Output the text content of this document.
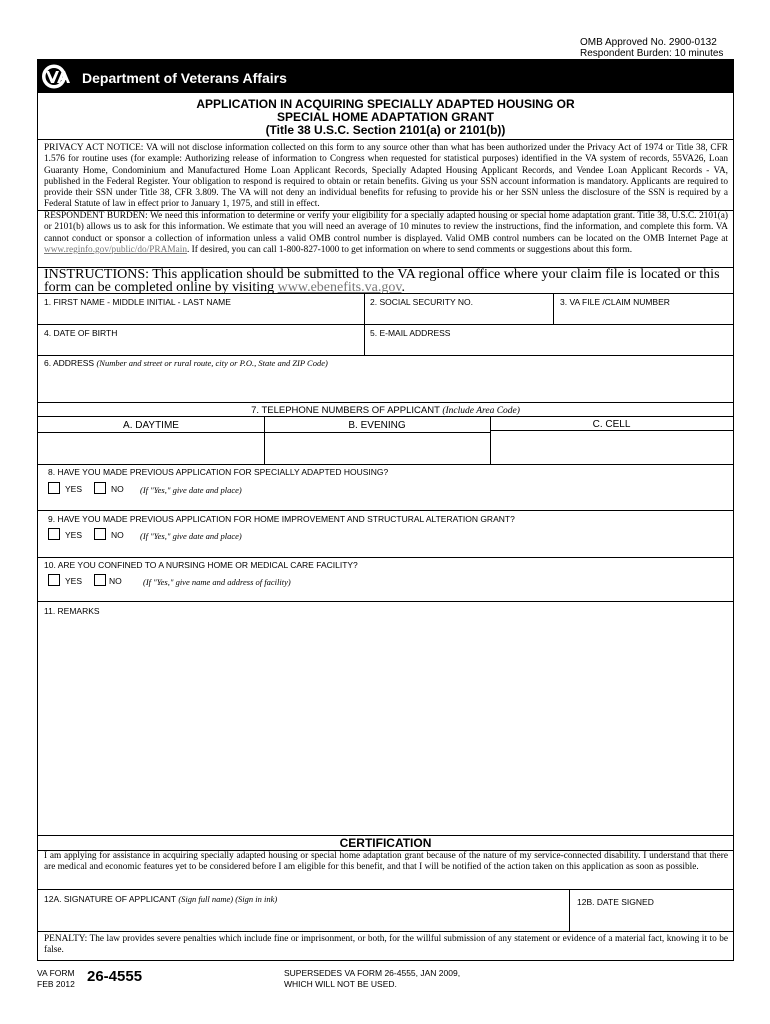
OMB Approved No. 2900-0132
Respondent Burden: 10 minutes
Department of Veterans Affairs
APPLICATION IN ACQUIRING SPECIALLY ADAPTED HOUSING OR
SPECIAL HOME ADAPTATION GRANT
(Title 38 U.S.C. Section 2101(a) or 2101(b))
PRIVACY ACT NOTICE: VA will not disclose information collected on this form to any source other than what has been authorized under the Privacy Act of 1974 or Title 38, CFR 1.576 for routine uses (for example: Authorizing release of information to Congress when requested for statistical purposes) identified in the VA system of records, 55VA26, Loan Guaranty Home, Condominium and Manufactured Home Loan Applicant Records, Specially Adapted Housing Applicant Records, and Vendee Loan Applicant Records - VA, published in the Federal Register. Your obligation to respond is required to obtain or retain benefits. Giving us your SSN account information is mandatory. Applicants are required to provide their SSN under Title 38, CFR 3.809. The VA will not deny an individual benefits for refusing to provide his or her SSN unless the disclosure of the SSN is required by a Federal Statute of law in effect prior to January 1, 1975, and still in effect.
RESPONDENT BURDEN: We need this information to determine or verify your eligibility for a specially adapted housing or special home adaptation grant. Title 38, U.S.C. 2101(a) or 2101(b) allows us to ask for this information. We estimate that you will need an average of 10 minutes to review the instructions, find the information, and complete this form. VA cannot conduct or sponsor a collection of information unless a valid OMB control number is displayed. Valid OMB control numbers can be located on the OMB Internet Page at www.reginfo.gov/public/do/PRAMain. If desired, you can call 1-800-827-1000 to get information on where to send comments or suggestions about this form.
INSTRUCTIONS: This application should be submitted to the VA regional office where your claim file is located or this form can be completed online by visiting www.ebenefits.va.gov.
1. FIRST NAME - MIDDLE INITIAL - LAST NAME	2. SOCIAL SECURITY NO.	3. VA FILE /CLAIM NUMBER
4. DATE OF BIRTH	5. E-MAIL ADDRESS
6. ADDRESS (Number and street or rural route, city or P.O., State and ZIP Code)
7. TELEPHONE NUMBERS OF APPLICANT (Include Area Code)
A. DAYTIME	B. EVENING	C. CELL
8. HAVE YOU MADE PREVIOUS APPLICATION FOR SPECIALLY ADAPTED HOUSING?
YES	NO (If "Yes," give date and place)
9. HAVE YOU MADE PREVIOUS APPLICATION FOR HOME IMPROVEMENT AND STRUCTURAL ALTERATION GRANT?
YES	NO (If "Yes," give date and place)
10. ARE YOU CONFINED TO A NURSING HOME OR MEDICAL CARE FACILITY?
YES	NO	(If "Yes," give name and address of facility)
11. REMARKS
CERTIFICATION
I am applying for assistance in acquiring specially adapted housing or special home adaptation grant because of the nature of my service-connected disability. I understand that there are medical and economic features yet to be considered before I am eligible for this benefit, and that I will be notified of the action taken on this application as soon as possible.
12A. SIGNATURE OF APPLICANT (Sign full name) (Sign in ink)	12B. DATE SIGNED
PENALTY: The law provides severe penalties which include fine or imprisonment, or both, for the willful submission of any statement or evidence of a material fact, knowing it to be false.
VA FORM
FEB 2012 26-4555	SUPERSEDES VA FORM 26-4555, JAN 2009,
WHICH WILL NOT BE USED.
